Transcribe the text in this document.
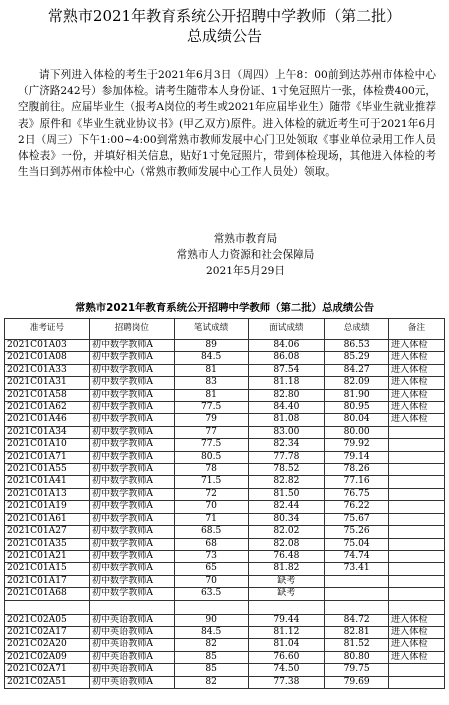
常熟市2021年教育系统公开招聘中学教师（第二批）
总成绩公告

请下列进入体检的考生于2021年6月3日（周四）上午8：00前到达苏州市体检中心（广济路242号）参加体检。请考生随带本人身份证、1寸免冠照片一张，体检费400元，空腹前往。应届毕业生（报考A岗位的考生或2021年应届毕业生）随带《毕业生就业推荐表》原件和《毕业生就业协议书》(甲乙双方)原件。进入体检的就近考生可于2021年6月2日（周三）下午1:00~4:00到常熟市教师发展中心门卫处领取《事业单位录用工作人员体检表》一份，并填好相关信息，贴好1寸免冠照片，带到体检现场，其他进入体检的考生当日到苏州市体检中心（常熟市教师发展中心工作人员处）领取。

常熟市教育局
常熟市人力资源和社会保障局
2021年5月29日
常熟市2021年教育系统公开招聘中学教师（第二批）总成绩公告
准考证号	招聘岗位	笔试成绩	面试成绩	总成绩	备注
2021C01A03	初中数学教师A	89	84.06	86.53	进入体检
2021C01A08	初中数学教师A	84.5	86.08	85.29	进入体检
2021C01A33	初中数学教师A	81	87.54	84.27	进入体检
2021C01A31	初中数学教师A	83	81.18	82.09	进入体检
2021C01A58	初中数学教师A	81	82.80	81.90	进入体检
2021C01A62	初中数学教师A	77.5	84.40	80.95	进入体检
2021C01A46	初中数学教师A	79	81.08	80.04	进入体检
2021C01A34	初中数学教师A	77	83.00	80.00	
2021C01A10	初中数学教师A	77.5	82.34	79.92	
2021C01A71	初中数学教师A	80.5	77.78	79.14	
2021C01A55	初中数学教师A	78	78.52	78.26	
2021C01A41	初中数学教师A	71.5	82.82	77.16	
2021C01A13	初中数学教师A	72	81.50	76.75	
2021C01A19	初中数学教师A	70	82.44	76.22	
2021C01A61	初中数学教师A	71	80.34	75.67	
2021C01A27	初中数学教师A	68.5	82.02	75.26	
2021C01A35	初中数学教师A	68	82.08	75.04	
2021C01A21	初中数学教师A	73	76.48	74.74	
2021C01A15	初中数学教师A	65	81.82	73.41	
2021C01A17	初中数学教师A	70	缺考		
2021C01A68	初中数学教师A	63.5	缺考		

2021C02A05	初中英语教师A	90	79.44	84.72	进入体检
2021C02A17	初中英语教师A	84.5	81.12	82.81	进入体检
2021C02A20	初中英语教师A	82	81.04	81.52	进入体检
2021C02A09	初中英语教师A	85	76.60	80.80	进入体检
2021C02A71	初中英语教师A	85	74.50	79.75	
2021C02A51	初中英语教师A	82	77.38	79.69	
